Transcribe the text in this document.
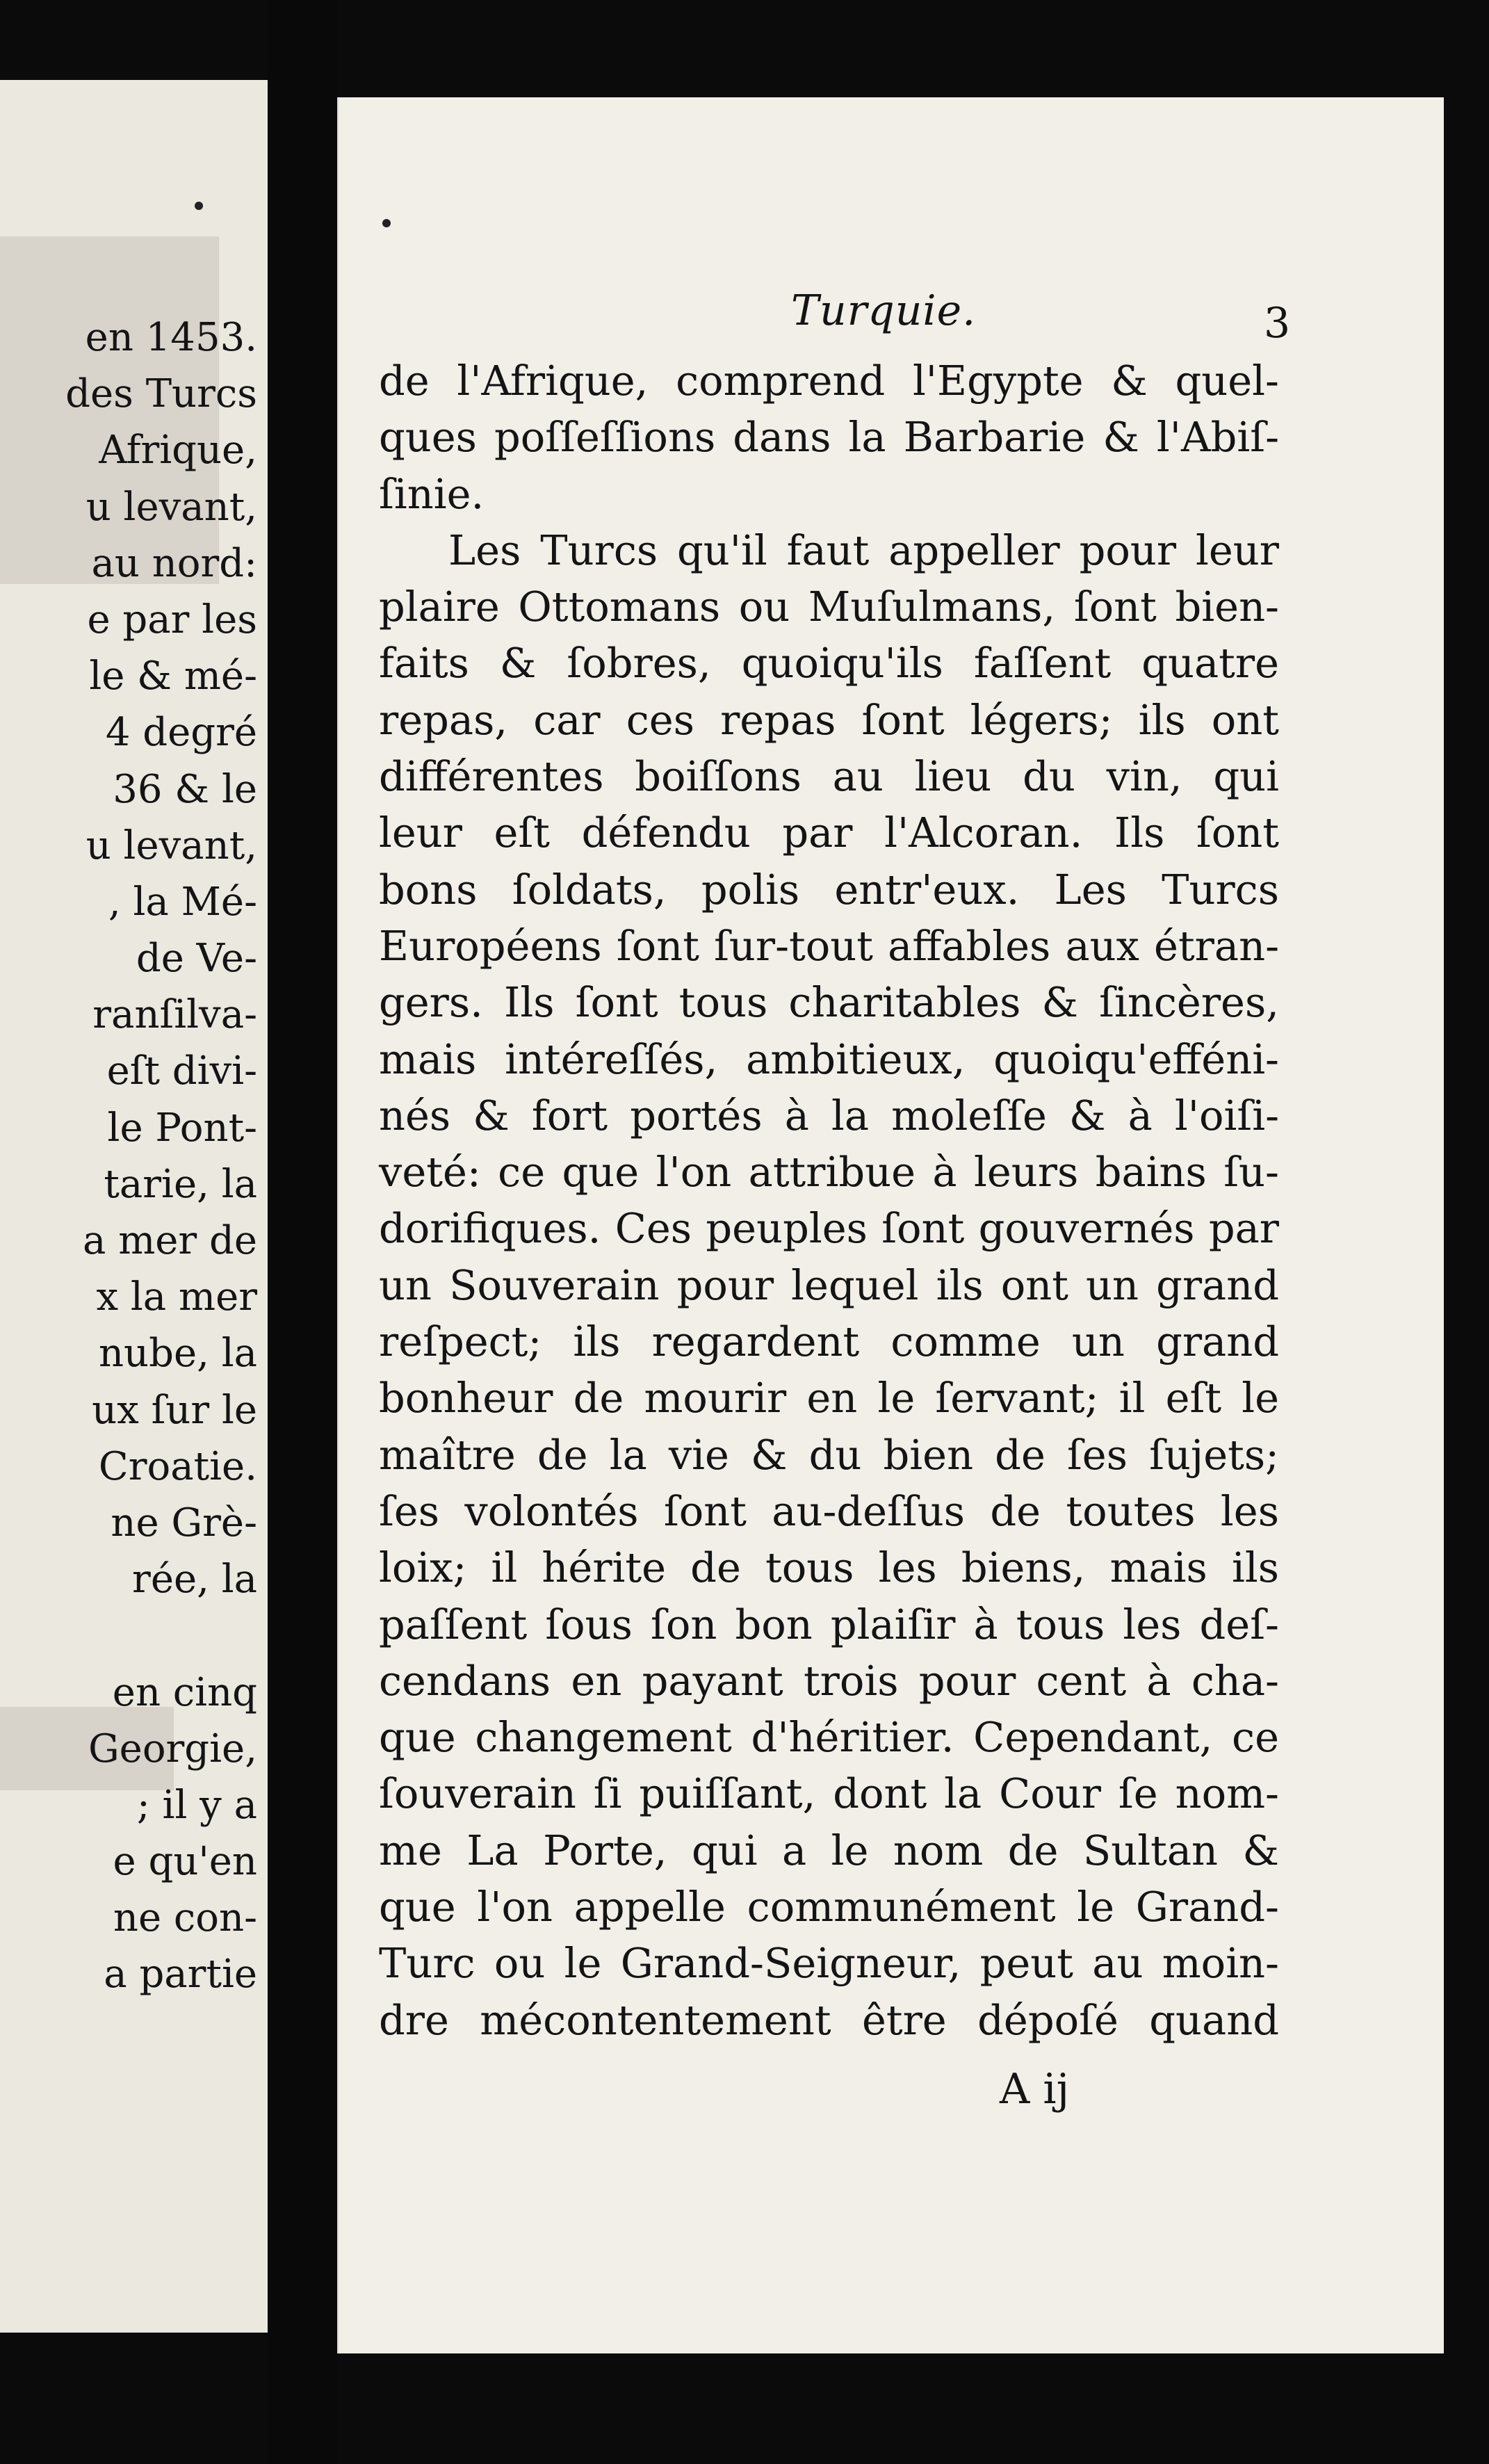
en 1453.
des Turcs
Afrique,
u levant,
au nord:
e par les
le & mé-
4 degré
36 & le
u levant,
, la Mé-
de Ve-
ranſilva-
eſt divi-
le Pont-
tarie, la
a mer de
x la mer
nube, la
ux ſur le
Croatie.
ne Grè-
rée, la
en cinq
Georgie,
; il y a
e qu'en
ne con-
a partie
Turquie.	3
de l'Afrique, comprend l'Egypte & quel-
ques poſſeſſions dans la Barbarie & l'Abiſ-
ſinie.
Les Turcs qu'il faut appeller pour leur
plaire Ottomans ou Muſulmans, ſont bien-
faits & ſobres, quoiqu'ils faſſent quatre
repas, car ces repas ſont légers; ils ont
différentes boiſſons au lieu du vin, qui
leur eſt défendu par l'Alcoran. Ils ſont
bons ſoldats, polis entr'eux. Les Turcs
Européens ſont ſur-tout affables aux étran-
gers. Ils ſont tous charitables & ſincères,
mais intéreſſés, ambitieux, quoiqu'efféni-
nés & fort portés à la moleſſe & à l'oiſi-
veté: ce que l'on attribue à leurs bains ſu-
dorifiques. Ces peuples ſont gouvernés par
un Souverain pour lequel ils ont un grand
reſpect; ils regardent comme un grand
bonheur de mourir en le ſervant; il eſt le
maître de la vie & du bien de ſes ſujets;
ſes volontés ſont au-deſſus de toutes les
loix; il hérite de tous les biens, mais ils
paſſent ſous ſon bon plaiſir à tous les deſ-
cendans en payant trois pour cent à cha-
que changement d'héritier. Cependant, ce
ſouverain ſi puiſſant, dont la Cour ſe nom-
me La Porte, qui a le nom de Sultan &
que l'on appelle communément le Grand-
Turc ou le Grand-Seigneur, peut au moin-
dre mécontentement être dépoſé quand
A ij
